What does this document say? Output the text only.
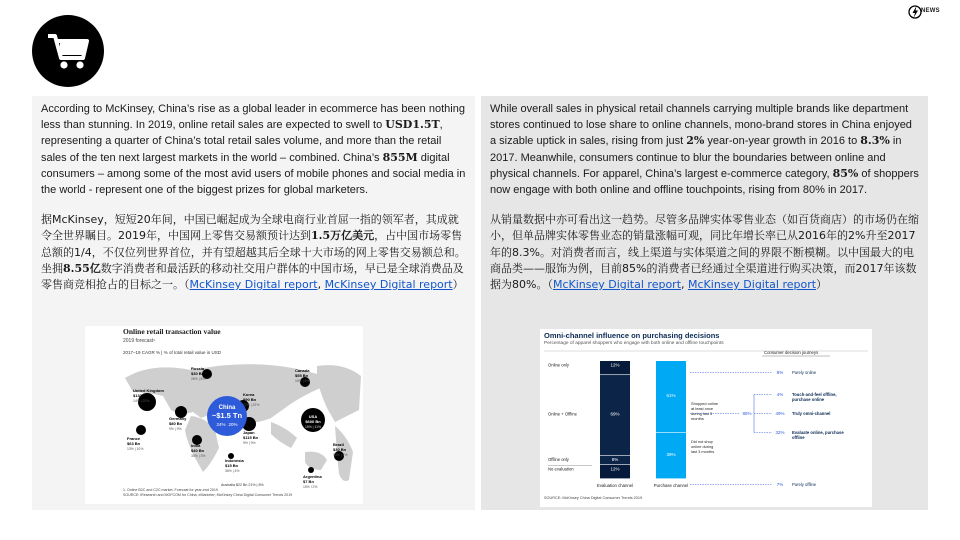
NEWS

According to McKinsey, China’s rise as a global leader in ecommerce has been nothing less than stunning. In 2019, online retail sales are expected to swell to USD1.5T, representing a quarter of China’s total retail sales volume, and more than the retail sales of the ten next largest markets in the world – combined. China’s 855M digital consumers – among some of the most avid users of mobile phones and social media in the world - represent one of the biggest prizes for global marketers.

据McKinsey，短短20年间，中国已崛起成为全球电商行业首屈一指的领军者，其成就令全世界瞩目。2019年，中国网上零售交易额预计达到1.5万亿美元，占中国市场零售总额的1/4，不仅位列世界首位，并有望超越其后全球十大市场的网上零售交易额总和。坐拥8.55亿数字消费者和最活跃的移动社交用户群体的中国市场，早已是全球消费品及零售商竞相抢占的目标之一。（McKinsey Digital report, McKinsey Digital report）

Online retail transaction value
2019 forecast¹
2017–19 CAGR % | % of total retail value in USD
Russia
$30 Bn
26% | 8%
United Kingdom
$133 Bn
14% | 22%
Germany
$80 Bn
9% | 9%
France
$63 Bn
13% | 10%
Korea
$90 Bn
22% | 22%
Japan
$115 Bn
9% | 9%
India
$40 Bn
30% | 3%
Indonesia
$15 Bn
36% | 4%
Canada
$55 Bn
15% | 8%
USA
$600 Bn
15% | 11%
Brazil
$30 Bn
13% | 4%
Argentina
$7 Bn
15% | 2%
Australia $22 Bn 21% | 8%
China
~$1.5 Tn
24% 20%
1. Online B2C and C2C market. Forecast for year-end 2019
SOURCE: iResearch and MOFCOM for China; eMarketer; McKinsey China Digital Consumer Trends 2019

While overall sales in physical retail channels carrying multiple brands like department stores continued to lose share to online channels, mono-brand stores in China enjoyed a sizable uptick in sales, rising from just 2% year-on-year growth in 2016 to 8.3% in 2017. Meanwhile, consumers continue to blur the boundaries between online and physical channels. For apparel, China’s largest e-commerce category, 85% of shoppers now engage with both online and offline touchpoints, rising from 80% in 2017.

从销量数据中亦可看出这一趋势。尽管多品牌实体零售业态（如百货商店）的市场仍在缩小，但单品牌实体零售业态的销量涨幅可观，同比年增长率已从2016年的2%升至2017年的8.3%。对消费者而言，线上渠道与实体渠道之间的界限不断模糊。以中国最大的电商品类——服饰为例，目前85%的消费者已经通过全渠道进行购买决策，而2017年该数据为80%。（McKinsey Digital report, McKinsey Digital report）

Omni-channel influence on purchasing decisions
Percentage of apparel shoppers who engage with both online and offline touchpoints
12%
Online only
69%
Online + Offline
8%
Offline only
12%
No evaluation
Evaluation channel
61%
Shopped online
at least once
during last 3
months
39%
Did not shop
online during
last 3 months
Purchase channel
Consumer decision journeys
8% Purely online
4% Touch-and-feel offline,
purchase online
49% Truly omni-channel
32% Evaluate online, purchase
offline
7% Purely offline
85%
SOURCE: McKinsey China Digital Consumer Trends 2019
